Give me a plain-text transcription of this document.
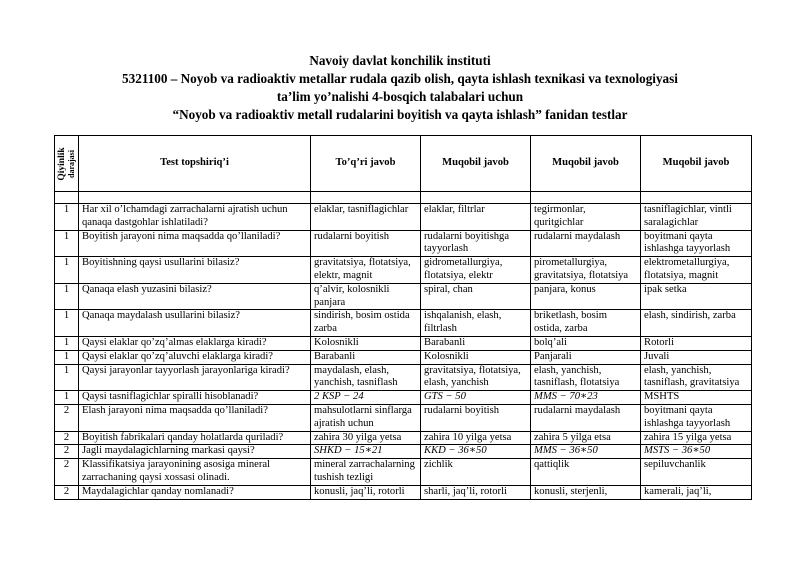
Navoiy davlat konchilik instituti
5321100 – Noyob va radioaktiv metallar rudala qazib olish, qayta ishlash texnikasi va texnologiyasi
ta’lim yo’nalishi 4-bosqich talabalari uchun
“Noyob va radioaktiv metall rudalarini boyitish va qayta ishlash” fanidan testlar
Qiyinlik darajasi	Test topshiriq’i	To’q’ri javob	Muqobil javob	Muqobil javob	Muqobil javob

1	Har xil o’lchamdagi zarrachalarni ajratish uchun qanaqa dastgohlar ishlatiladi?	elaklar, tasniflagichlar	elaklar, filtrlar	tegirmonlar, quritgichlar	tasniflagichlar, vintli saralagichlar
1	Boyitish jarayoni nima maqsadda qo’llaniladi?	rudalarni boyitish	rudalarni boyitishga tayyorlash	rudalarni maydalash	boyitmani qayta ishlashga tayyorlash
1	Boyitishning qaysi usullarini bilasiz?	gravitatsiya, flotatsiya, elektr, magnit	gidrometallurgiya, flotatsiya, elektr	pirometallurgiya, gravitatsiya, flotatsiya	elektrometallurgiya, flotatsiya, magnit
1	Qanaqa elash yuzasini bilasiz?	q’alvir, kolosnikli panjara	spiral, chan	panjara, konus	ipak setka
1	Qanaqa maydalash usullarini bilasiz?	sindirish, bosim ostida zarba	ishqalanish, elash, filtrlash	briketlash, bosim ostida, zarba	elash, sindirish, zarba
1	Qaysi elaklar qo’zq’almas elaklarga kiradi?	Kolosnikli	Barabanli	bolq’ali	Rotorli
1	Qaysi elaklar qo’zq’aluvchi elaklarga kiradi?	Barabanli	Kolosnikli	Panjarali	Juvali
1	Qaysi jarayonlar tayyorlash jarayonlariga kiradi?	maydalash, elash, yanchish, tasniflash	gravitatsiya, flotatsiya, elash, yanchish	elash, yanchish, tasniflash, flotatsiya	elash, yanchish, tasniflash, gravitatsiya
1	Qaysi tasniflagichlar spiralli hisoblanadi?	2 KSP − 24	GTS − 50	MMS − 70∗23	MSHTS
2	Elash jarayoni nima maqsadda qo’llaniladi?	mahsulotlarni sinflarga ajratish uchun	rudalarni boyitish	rudalarni maydalash	boyitmani qayta ishlashga tayyorlash
2	Boyitish fabrikalari qanday holatlarda quriladi?	zahira 30 yilga yetsa	zahira 10 yilga yetsa	zahira 5 yilga etsa	zahira 15 yilga yetsa
2	Jagli maydalagichlarning markasi qaysi?	SHKD − 15∗21	KKD − 36∗50	MMS − 36∗50	MSTS − 36∗50
2	Klassifikatsiya jarayonining asosiga mineral zarrachaning qaysi xossasi olinadi.	mineral zarrachalarning tushish tezligi	zichlik	qattiqlik	sepiluvchanlik
2	Maydalagichlar qanday nomlanadi?	konusli, jaq’li, rotorli	sharli, jaq’li, rotorli	konusli, sterjenli,	kamerali, jaq’li,
